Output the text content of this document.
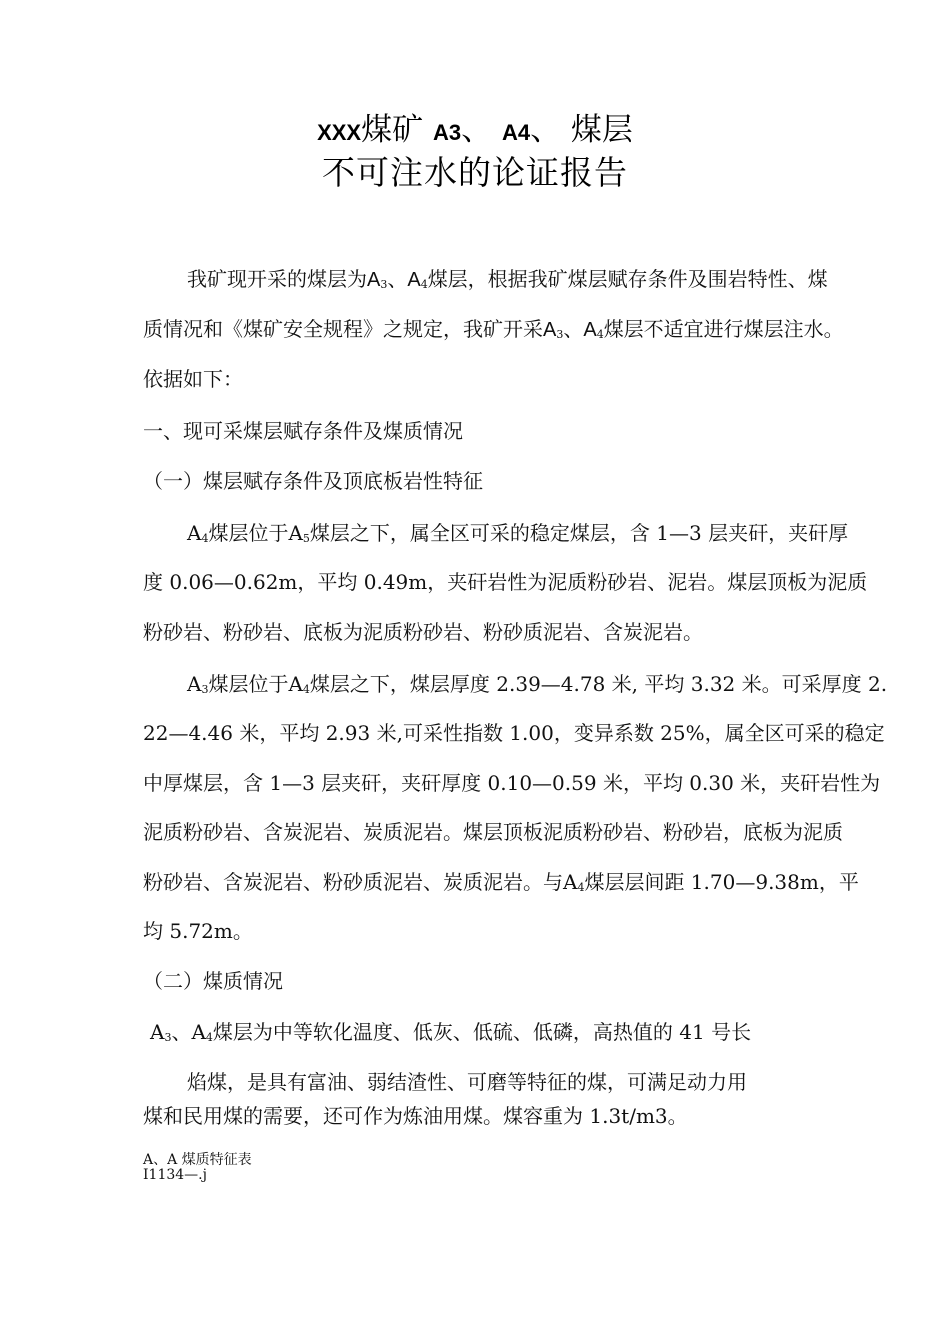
XXX煤矿 A3、 A4、 煤层
不可注水的论证报告
我矿现开采的煤层为$A_3$、$A_4$煤层，根据我矿煤层赋存条件及围岩特性、煤
质情况和《煤矿安全规程》之规定，我矿开采$A_3$、$A_4$煤层不适宜进行煤层注水。
依据如下：
一、现可采煤层赋存条件及煤质情况
（一）煤层赋存条件及顶底板岩性特征
$A_4$煤层位于$A_5$煤层之下，属全区可采的稳定煤层，含 1—3 层夹矸，夹矸厚
度 0.06—0.62m，平均 0.49m，夹矸岩性为泥质粉砂岩、泥岩。煤层顶板为泥质
粉砂岩、粉砂岩、底板为泥质粉砂岩、粉砂质泥岩、含炭泥岩。
$A_3$煤层位于$A_4$煤层之下，煤层厚度 2.39—4.78 米, 平均 3.32 米。可采厚度 2.
22—4.46 米，平均 2.93 米,可采性指数 1.00，变异系数 25%，属全区可采的稳定
中厚煤层，含 1—3 层夹矸，夹矸厚度 0.10—0.59 米，平均 0.30 米，夹矸岩性为
泥质粉砂岩、含炭泥岩、炭质泥岩。煤层顶板泥质粉砂岩、粉砂岩，底板为泥质
粉砂岩、含炭泥岩、粉砂质泥岩、炭质泥岩。与$A_4$煤层层间距 1.70—9.38m，平
均 5.72m。
（二）煤质情况
$A_3$、$A_4$煤层为中等软化温度、低灰、低硫、低磷，高热值的 41 号长
焰煤，是具有富油、弱结渣性、可磨等特征的煤，可满足动力用
煤和民用煤的需要，还可作为炼油用煤。煤容重为 1.3t/m3。
A、A 煤质特征表
I1134—.j
